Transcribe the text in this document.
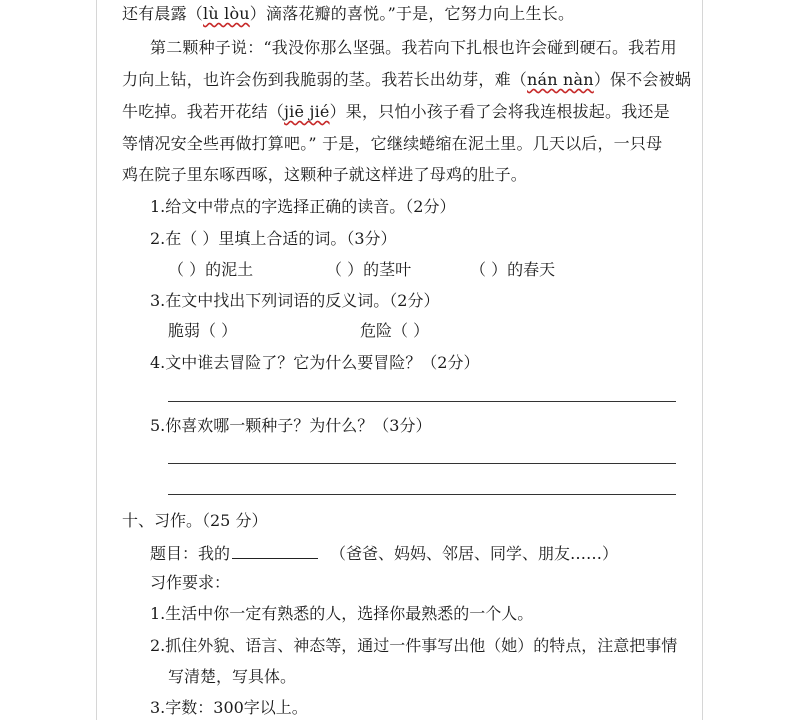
还有晨露（lù lòu）滴落花瓣的喜悦。”于是，它努力向上生长。
第二颗种子说：“我没你那么坚强。我若向下扎根也许会碰到硬石。我若用
力向上钻，也许会伤到我脆弱的茎。我若长出幼芽，难（nán nàn）保不会被蜗
牛吃掉。我若开花结（jiē jié）果，只怕小孩子看了会将我连根拔起。我还是
等情况安全些再做打算吧。” 于是，它继续蜷缩在泥土里。几天以后，一只母
鸡在院子里东啄西啄，这颗种子就这样进了母鸡的肚子。
1.给文中带点的字选择正确的读音。（2分）
2.在（ ）里填上合适的词。（3分）
（ ）的泥土	（ ）的茎叶	（ ）的春天
3.在文中找出下列词语的反义词。（2分）
脆弱（ ）	危险（ ）
4.文中谁去冒险了？它为什么要冒险？（2分）
5.你喜欢哪一颗种子？为什么？（3分）
十、习作。（25 分）
题目：我的	（爸爸、妈妈、邻居、同学、朋友……）
习作要求：
1.生活中你一定有熟悉的人，选择你最熟悉的一个人。
2.抓住外貌、语言、神态等，通过一件事写出他（她）的特点，注意把事情
写清楚，写具体。
3.字数：300字以上。
